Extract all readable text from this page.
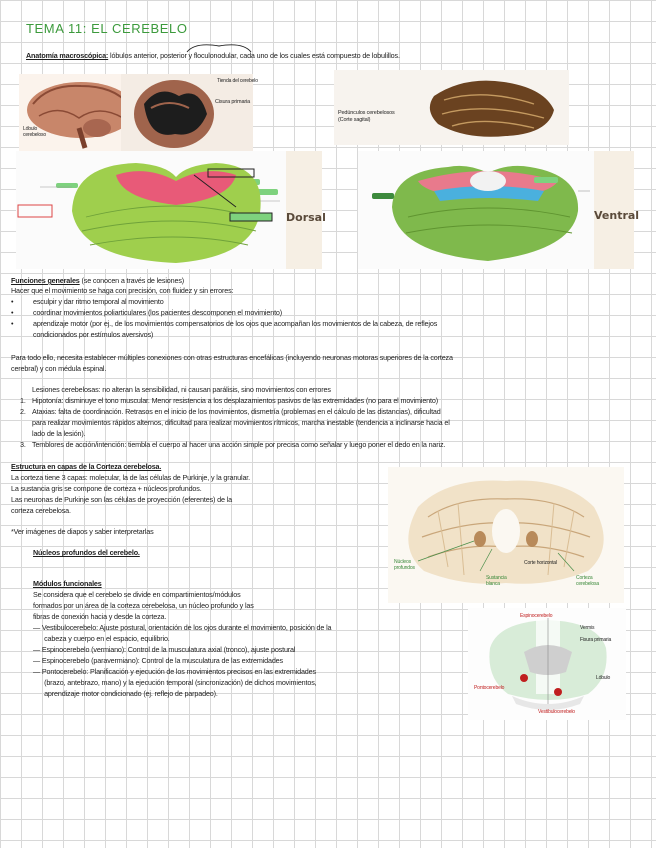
TEMA 11: EL CEREBELO
Anatomía macroscópica: lóbulos anterior, posterior y floculonodular, cada uno de los cuales está compuesto de lobulillos.
Tienda del cerebelo
Cisura primaria
Lóbulo
cerebeloso
Pedúnculos cerebelosos
(Corte sagital)
Dorsal	Ventral
Funciones generales (se conocen a través de lesiones)
Hacer que el movimiento se haga con precisión, con fluidez y sin errores:
•	esculpir y dar ritmo temporal al movimiento
•	coordinar movimientos poliarticulares (los pacientes descomponen el movimiento)
•	aprendizaje motor (por ej., de los movimientos compensatorios de los ojos que acompañan los movimientos de la cabeza, de reflejos
condicionados por estímulos aversivos)
Para todo ello, necesita establecer múltiples conexiones con otras estructuras encefálicas (incluyendo neuronas motoras superiores de la corteza
cerebral) y con médula espinal.
Lesiones cerebelosas: no alteran la sensibilidad, ni causan parálisis, sino movimientos con errores
1. Hipotonía: disminuye el tono muscular. Menor resistencia a los desplazamientos pasivos de las extremidades (no para el movimiento)
2. Ataxias: falta de coordinación. Retrasos en el inicio de los movimientos, dismetría (problemas en el cálculo de las distancias), dificultad
para realizar movimientos rápidos alternos, dificultad para realizar movimientos rítmicos, marcha inestable (tendencia a inclinarse hacia el
lado de la lesión).
3. Temblores de acción/intención: tiembla el cuerpo al hacer una acción simple por precisa como señalar y luego poner el dedo en la nariz.
Estructura en capas de la Corteza cerebelosa.
La corteza tiene 3 capas: molecular, la de las células de Purkinje, y la granular.
La sustancia gris se compone de corteza + núcleos profundos.
Las neuronas de Purkinje son las células de proyección (eferentes) de la
corteza cerebelosa.
*Ver imágenes de diapos y saber interpretarlas
Núcleos profundos del cerebelo.
Núcleos
profundos
Sustancia
blanca
Corteza
cerebelosa
Corte horizontal
Módulos funcionales
Se considera que el cerebelo se divide en compartimientos/módulos
formados por un área de la corteza cerebelosa, un núcleo profundo y las
fibras de conexión hacia y desde la corteza.
— Vestibulocerebelo: Ajuste postural, orientación de los ojos durante el movimiento, posición de la
cabeza y cuerpo en el espacio, equilibrio.
— Espinocerebelo (vermiano): Control de la musculatura axial (tronco), ajuste postural
— Espinocerebelo (paravermiano): Control de la musculatura de las extremidades
— Pontocerebelo: Planificación y ejecución de los movimientos precisos en las extremidades
(brazo, antebrazo, mano) y la ejecución temporal (sincronización) de dichos movimientos,
aprendizaje motor condicionado (ej. reflejo de parpadeo).
Espinocerebelo
Vermis
Fisura primaria
Lóbulo
Pontocerebelo
Vestibulocerebelo
